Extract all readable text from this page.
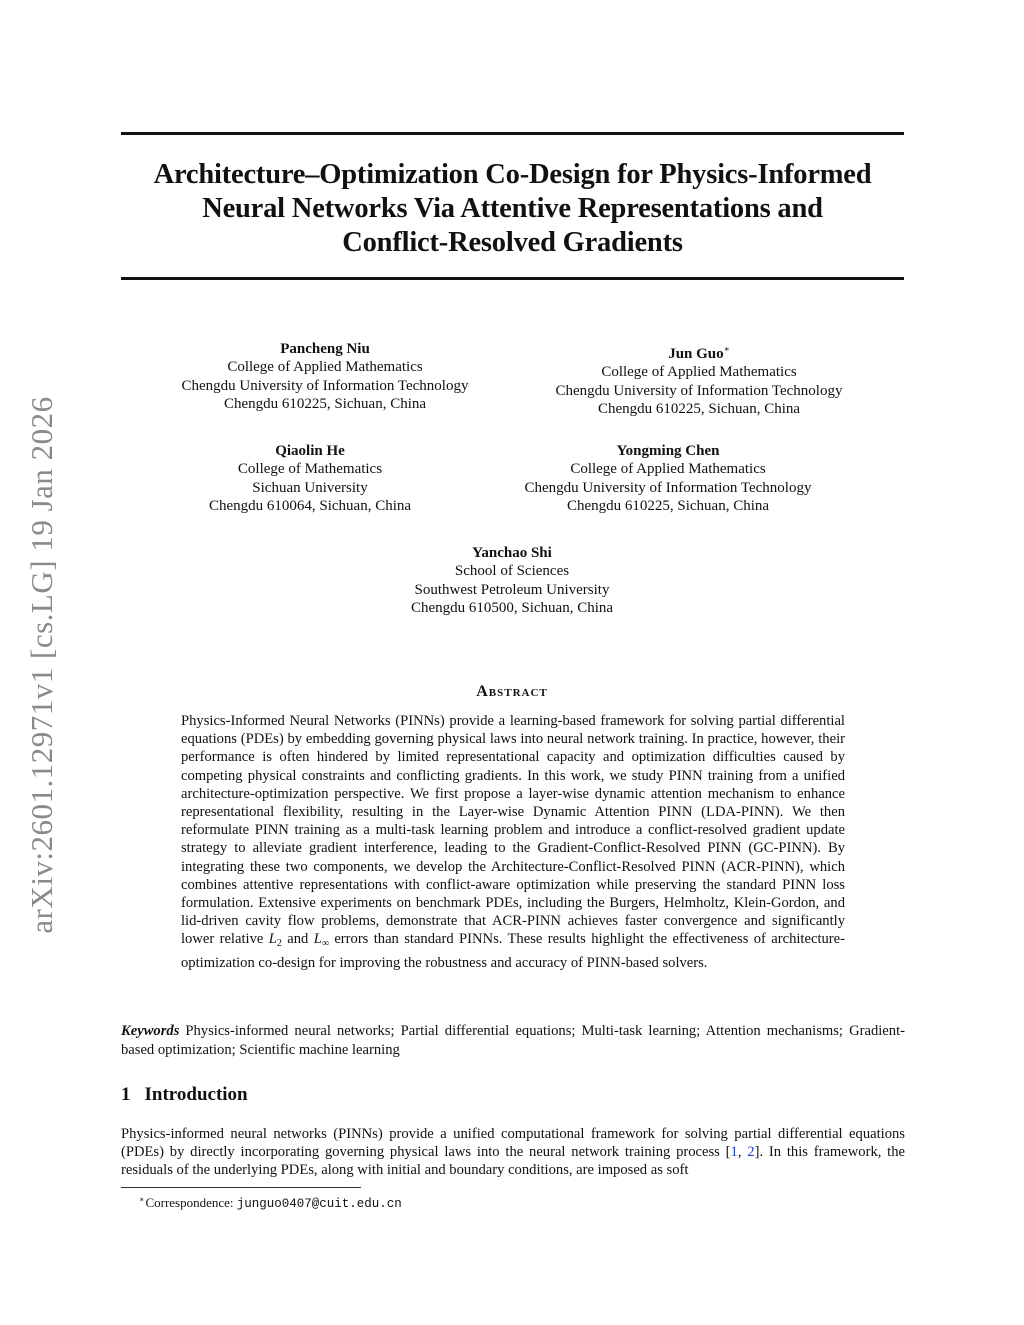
arXiv:2601.12971v1 [cs.LG] 19 Jan 2026
Architecture–Optimization Co-Design for Physics-Informed
Neural Networks Via Attentive Representations and
Conflict-Resolved Gradients
Pancheng Niu
College of Applied Mathematics
Chengdu University of Information Technology
Chengdu 610225, Sichuan, China
Jun Guo∗
College of Applied Mathematics
Chengdu University of Information Technology
Chengdu 610225, Sichuan, China
Qiaolin He
College of Mathematics
Sichuan University
Chengdu 610064, Sichuan, China
Yongming Chen
College of Applied Mathematics
Chengdu University of Information Technology
Chengdu 610225, Sichuan, China
Yanchao Shi
School of Sciences
Southwest Petroleum University
Chengdu 610500, Sichuan, China
Abstract
Physics-Informed Neural Networks (PINNs) provide a learning-based framework for solving partial differential equations (PDEs) by embedding governing physical laws into neural network training. In practice, however, their performance is often hindered by limited representational capacity and optimization difficulties caused by competing physical constraints and conflicting gradients. In this work, we study PINN training from a unified architecture-optimization perspective. We first propose a layer-wise dynamic attention mechanism to enhance representational flexibility, resulting in the Layer-wise Dynamic Attention PINN (LDA-PINN). We then reformulate PINN training as a multi-task learning problem and introduce a conflict-resolved gradient update strategy to alleviate gradient interference, leading to the Gradient-Conflict-Resolved PINN (GC-PINN). By integrating these two components, we develop the Architecture-Conflict-Resolved PINN (ACR-PINN), which combines attentive representations with conflict-aware optimization while preserving the standard PINN loss formulation. Extensive experiments on benchmark PDEs, including the Burgers, Helmholtz, Klein-Gordon, and lid-driven cavity flow problems, demonstrate that ACR-PINN achieves faster convergence and significantly lower relative $L_2$ and $L_\infty$ errors than standard PINNs. These results highlight the effectiveness of architecture-optimization co-design for improving the robustness and accuracy of PINN-based solvers.
Keywords Physics-informed neural networks; Partial differential equations; Multi-task learning; Attention mechanisms; Gradient-based optimization; Scientific machine learning
1 Introduction
Physics-informed neural networks (PINNs) provide a unified computational framework for solving partial differential equations (PDEs) by directly incorporating governing physical laws into the neural network training process [1, 2]. In this framework, the residuals of the underlying PDEs, along with initial and boundary conditions, are imposed as soft
∗Correspondence: junguo0407@cuit.edu.cn
